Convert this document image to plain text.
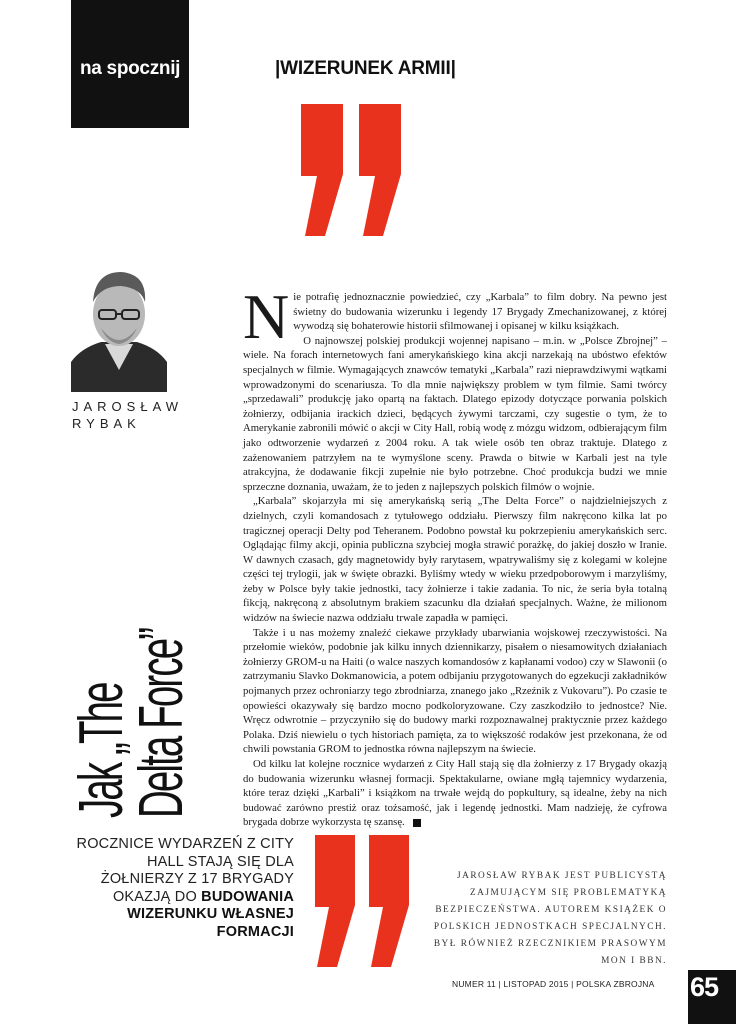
na spocznij	|WIZERUNEK ARMII|
JAROSŁAW
RYBAK
Jak „The
Delta Force”
ROCZNICE WYDARZEŃ Z CITY HALL STAJĄ SIĘ DLA ŻOŁNIERZY Z 17 BRYGADY OKAZJĄ DO BUDOWANIA WIZERUNKU WŁASNEJ FORMACJI

Nie potrafię jednoznacznie powiedzieć, czy „Karbala” to film dobry. Na pewno jest świetny do budowania wizerunku i legendy 17 Brygady Zmechanizowanej, z której wywodzą się bohaterowie historii sfilmowanej i opisanej w kilku książkach.

O najnowszej polskiej produkcji wojennej napisano – m.in. w „Polsce Zbrojnej” – wiele. Na forach internetowych fani amerykańskiego kina akcji narzekają na ubóstwo efektów specjalnych w filmie. Wymagających znawców tematyki „Karbala” razi nieprawdziwymi wątkami wprowadzonymi do scenariusza. To dla mnie największy problem w tym filmie. Sami twórcy „sprzedawali” produkcję jako opartą na faktach. Dlatego epizody dotyczące porwania polskich żołnierzy, odbijania irackich dzieci, będących żywymi tarczami, czy sugestie o tym, że to Amerykanie zabronili mówić o akcji w City Hall, robią wodę z mózgu widzom, odbierającym film jako odtworzenie wydarzeń z 2004 roku. A tak wiele osób ten obraz traktuje. Dlatego z zażenowaniem patrzyłem na te wymyślone sceny. Prawda o bitwie w Karbali jest na tyle atrakcyjna, że dodawanie fikcji zupełnie nie było potrzebne. Choć produkcja budzi we mnie sprzeczne doznania, uważam, że to jeden z najlepszych polskich filmów o wojnie.

„Karbala” skojarzyła mi się amerykańską serią „The Delta Force” o najdzielniejszych z dzielnych, czyli komandosach z tytułowego oddziału. Pierwszy film nakręcono kilka lat po tragicznej operacji Delty pod Teheranem. Podobno powstał ku pokrzepieniu amerykańskich serc. Oglądając filmy akcji, opinia publiczna szybciej mogła strawić porażkę, do jakiej doszło w Iranie. W dawnych czasach, gdy magnetowidy były rarytasem, wpatrywaliśmy się z kolegami w kolejne części tej trylogii, jak w święte obrazki. Byliśmy wtedy w wieku przedpoborowym i marzyliśmy, żeby w Polsce były takie jednostki, tacy żołnierze i takie zadania. To nic, że seria była totalną fikcją, nakręconą z absolutnym brakiem szacunku dla działań specjalnych. Ważne, że milionom widzów na świecie nazwa oddziału trwale zapadła w pamięci.

Także i u nas możemy znaleźć ciekawe przykłady ubarwiania wojskowej rzeczywistości. Na przełomie wieków, podobnie jak kilku innych dziennikarzy, pisałem o niesamowitych działaniach żołnierzy GROM-u na Haiti (o walce naszych komandosów z kapłanami vodoo) czy w Slawonii (o zatrzymaniu Slavko Dokmanowicia, a potem odbijaniu przygotowanych do egzekucji zakładników pojmanych przez ochroniarzy tego zbrodniarza, znanego jako „Rzeźnik z Vukovaru”). Po czasie te opowieści okazywały się bardzo mocno podkoloryzowane. Czy zaszkodziło to jednostce? Nie. Wręcz odwrotnie – przyczyniło się do budowy marki rozpoznawalnej praktycznie przez każdego Polaka. Dziś niewielu o tych historiach pamięta, za to większość rodaków jest przekonana, że od chwili powstania GROM to jednostka równa najlepszym na świecie.

Od kilku lat kolejne rocznice wydarzeń z City Hall stają się dla żołnierzy z 17 Brygady okazją do budowania wizerunku własnej formacji. Spektakularne, owiane mgłą tajemnicy wydarzenia, które teraz dzięki „Karbali” i książkom na trwałe wejdą do popkultury, są idealne, żeby na nich budować zarówno prestiż oraz tożsamość, jak i legendę jednostki. Mam nadzieję, że cyfrowa brygada dobrze wykorzysta tę szansę.

JAROSŁAW RYBAK JEST PUBLICYSTĄ ZAJMUJĄCYM SIĘ PROBLEMATYKĄ BEZPIECZEŃSTWA. AUTOREM KSIĄŻEK O POLSKICH JEDNOSTKACH SPECJALNYCH. BYŁ RÓWNIEŻ RZECZNIKIEM PRASOWYM MON I BBN.
NUMER 11 | LISTOPAD 2015 | POLSKA ZBROJNA 65
